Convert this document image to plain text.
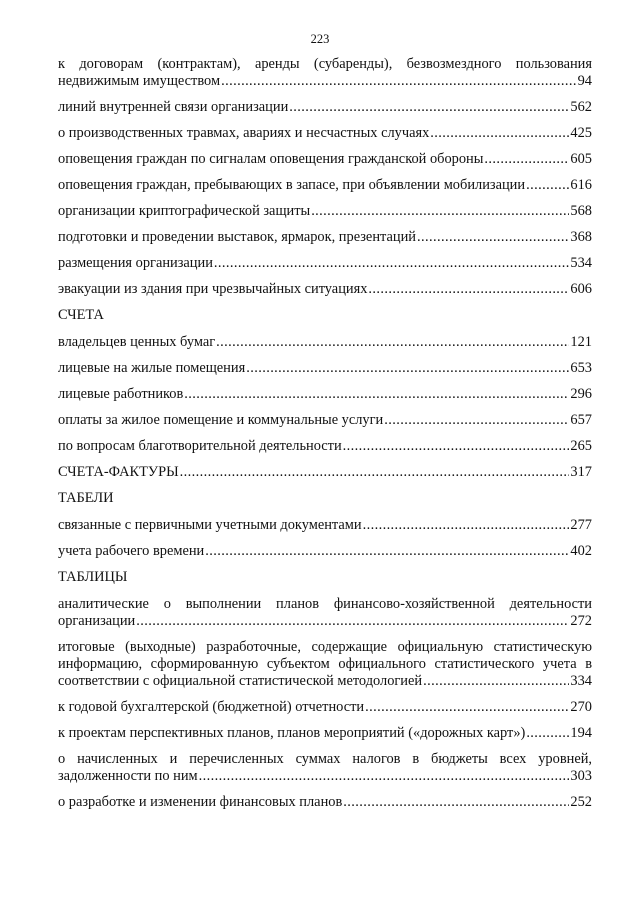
223
к договорам (контрактам), аренды (субаренды), безвозмездного пользования
недвижимым имуществом .....	94
линий внутренней связи организации .....	562
о производственных травмах, авариях и несчастных случаях .....	425
оповещения граждан по сигналам оповещения гражданской обороны .....	605
оповещения граждан, пребывающих в запасе, при объявлении мобилизации .....	616
организации криптографической защиты .....	568
подготовки и проведении выставок, ярмарок, презентаций .....	368
размещения организации .....	534
эвакуации из здания при чрезвычайных ситуациях .....	606
СЧЕТА
владельцев ценных бумаг .....	121
лицевые на жилые помещения .....	653
лицевые работников .....	296
оплаты за жилое помещение и коммунальные услуги .....	657
по вопросам благотворительной деятельности .....	265
СЧЕТА-ФАКТУРЫ .....	317
ТАБЕЛИ
связанные с первичными учетными документами .....	277
учета рабочего времени .....	402
ТАБЛИЦЫ
аналитические о выполнении планов финансово-хозяйственной деятельности
организации .....	272
итоговые (выходные) разработочные, содержащие официальную статистическую
информацию, сформированную субъектом официального статистического учета в
соответствии с официальной статистической методологией .....	334
к годовой бухгалтерской (бюджетной) отчетности .....	270
к проектам перспективных планов, планов мероприятий («дорожных карт») .....	194
о начисленных и перечисленных суммах налогов в бюджеты всех уровней,
задолженности по ним .....	303
о разработке и изменении финансовых планов .....	252
